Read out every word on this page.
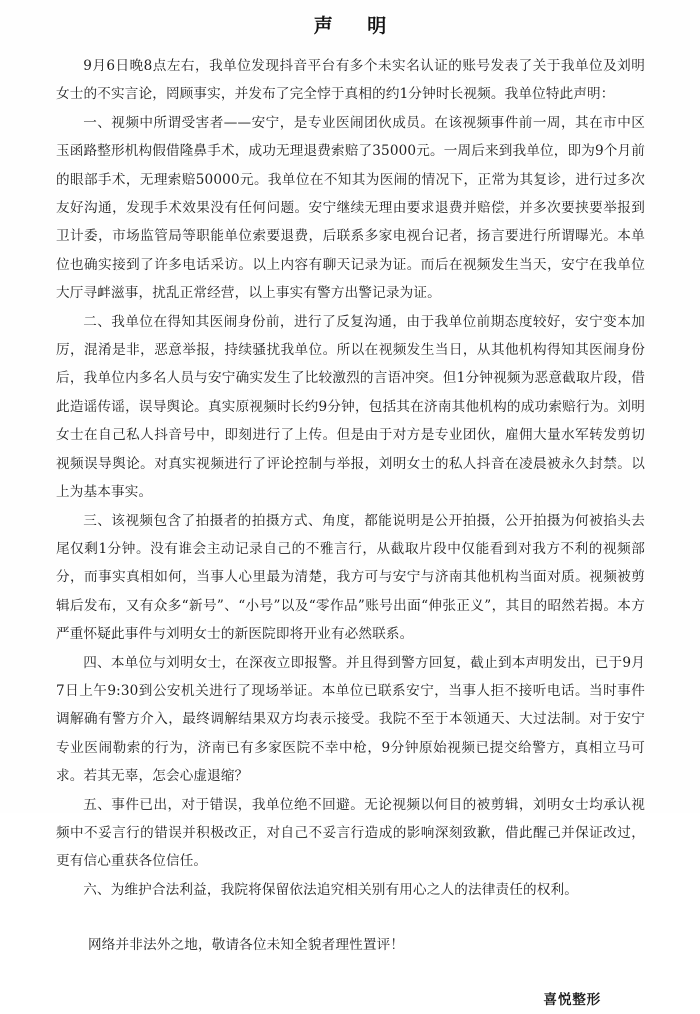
声 明

9月6日晚8点左右，我单位发现抖音平台有多个未实名认证的账号发表了关于我单位及刘明女士的不实言论，罔顾事实，并发布了完全悖于真相的约1分钟时长视频。我单位特此声明：

一、视频中所谓受害者——安宁，是专业医闹团伙成员。在该视频事件前一周，其在市中区玉函路整形机构假借隆鼻手术，成功无理退费索赔了35000元。一周后来到我单位，即为9个月前的眼部手术，无理索赔50000元。我单位在不知其为医闹的情况下，正常为其复诊，进行过多次友好沟通，发现手术效果没有任何问题。安宁继续无理由要求退费并赔偿，并多次要挟要举报到卫计委，市场监管局等职能单位索要退费，后联系多家电视台记者，扬言要进行所谓曝光。本单位也确实接到了许多电话采访。以上内容有聊天记录为证。而后在视频发生当天，安宁在我单位大厅寻衅滋事，扰乱正常经营，以上事实有警方出警记录为证。

二、我单位在得知其医闹身份前，进行了反复沟通，由于我单位前期态度较好，安宁变本加厉，混淆是非，恶意举报，持续骚扰我单位。所以在视频发生当日，从其他机构得知其医闹身份后，我单位内多名人员与安宁确实发生了比较激烈的言语冲突。但1分钟视频为恶意截取片段，借此造谣传谣，误导舆论。真实原视频时长约9分钟，包括其在济南其他机构的成功索赔行为。刘明女士在自己私人抖音号中，即刻进行了上传。但是由于对方是专业团伙，雇佣大量水军转发剪切视频误导舆论。对真实视频进行了评论控制与举报，刘明女士的私人抖音在凌晨被永久封禁。以上为基本事实。

三、该视频包含了拍摄者的拍摄方式、角度，都能说明是公开拍摄，公开拍摄为何被掐头去尾仅剩1分钟。没有谁会主动记录自己的不雅言行，从截取片段中仅能看到对我方不利的视频部分，而事实真相如何，当事人心里最为清楚，我方可与安宁与济南其他机构当面对质。视频被剪辑后发布，又有众多“新号”、“小号”以及“零作品”账号出面“伸张正义”，其目的昭然若揭。本方严重怀疑此事件与刘明女士的新医院即将开业有必然联系。

四、本单位与刘明女士，在深夜立即报警。并且得到警方回复，截止到本声明发出，已于9月7日上午9:30到公安机关进行了现场举证。本单位已联系安宁，当事人拒不接听电话。当时事件调解确有警方介入，最终调解结果双方均表示接受。我院不至于本领通天、大过法制。对于安宁专业医闹勒索的行为，济南已有多家医院不幸中枪，9分钟原始视频已提交给警方，真相立马可求。若其无辜，怎会心虚退缩？

五、事件已出，对于错误，我单位绝不回避。无论视频以何目的被剪辑，刘明女士均承认视频中不妥言行的错误并积极改正，对自己不妥言行造成的影响深刻致歉，借此醒己并保证改过，更有信心重获各位信任。

六、为维护合法利益，我院将保留依法追究相关别有用心之人的法律责任的权利。

网络并非法外之地，敬请各位未知全貌者理性置评！

喜悦整形
